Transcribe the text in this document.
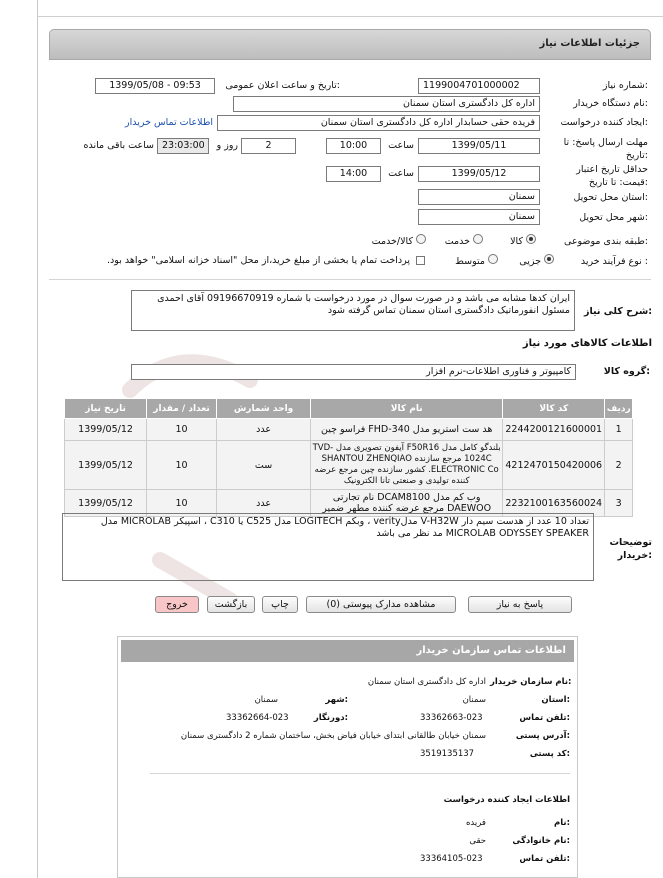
جزئیات اطلاعات نیاز
شماره نیاز:
1199004701000002
تاریخ و ساعت اعلان عمومی:
1399/05/08 - 09:53
نام دستگاه خریدار:
اداره کل دادگستری استان سمنان
ایجاد کننده درخواست:
فریده حقی حسابدار اداره کل دادگستری استان سمنان
اطلاعات تماس خریدار
مهلت ارسال پاسخ: تا تاریخ:
1399/05/11
ساعت
10:00
2
روز و
23:03:00
ساعت باقی مانده
حداقل تاریخ اعتبار قیمت: تا تاریخ:
1399/05/12
ساعت
14:00
استان محل تحویل:
سمنان
شهر محل تحویل:
سمنان
طبقه بندی موضوعی:
کالا
خدمت
کالا/خدمت
نوع فرآیند خرید :
جزیی
متوسط
پرداخت تمام یا بخشی از مبلغ خرید،از محل "اسناد خزانه اسلامی" خواهد بود.
شرح کلی نیاز:
ایران کدها مشابه می باشد و در صورت سوال در مورد درخواست با شماره 09196670919 آقای احمدی مسئول انفورماتیک دادگستری استان سمنان تماس گرفته شود
اطلاعات کالاهای مورد نیاز
گروه کالا:
کامپیوتر و فناوری اطلاعات-نرم افزار
ردیف	کد کالا	نام کالا	واحد شمارش	تعداد / مقدار	تاریخ نیاز
1	2244200121600001	هد ست استریو مدل FHD-340 فراسو چین	عدد	10	1399/05/12
2	4212470150420006	بلندگو کامل مدل F50R16 آیفون تصویری مدل TVD-1024C مرجع سازنده SHANTOU ZHENQIAO ELECTRONIC Co. کشور سازنده چین مرجع عرضه کننده تولیدی و صنعتی تانا الکترونیک	ست	10	1399/05/12
3	2232100163560024	وب کم مدل DCAM8100 نام تجارتی DAEWOO مرجع عرضه کننده مطهر ضمیر	عدد	10	1399/05/12
توضیحات خریدار:
تعداد 10 عدد از هدست سیم دار V-H32W مدلverity ، وبکم LOGITECH مدل C525 یا C310 ، اسپیکر MICROLAB مدل MICROLAB ODYSSEY SPEAKER مد نظر می باشد
پاسخ به نیاز
مشاهده مدارک پیوستی (0)
چاپ
بازگشت
خروج
اطلاعات تماس سازمان خریدار
نام سازمان خریدار:
اداره کل دادگستری استان سمنان
استان:
سمنان
شهر:
سمنان
تلفن تماس:
33362663-023
دورنگار:
33362664-023
آدرس پستی:
سمنان خیابان طالقانی ابتدای خیابان فیاض بخش، ساختمان شماره 2 دادگستری سمنان
کد پستی:
3519135137
اطلاعات ایجاد کننده درخواست
نام:
فریده
نام خانوادگی:
حقی
تلفن تماس:
33364105-023
